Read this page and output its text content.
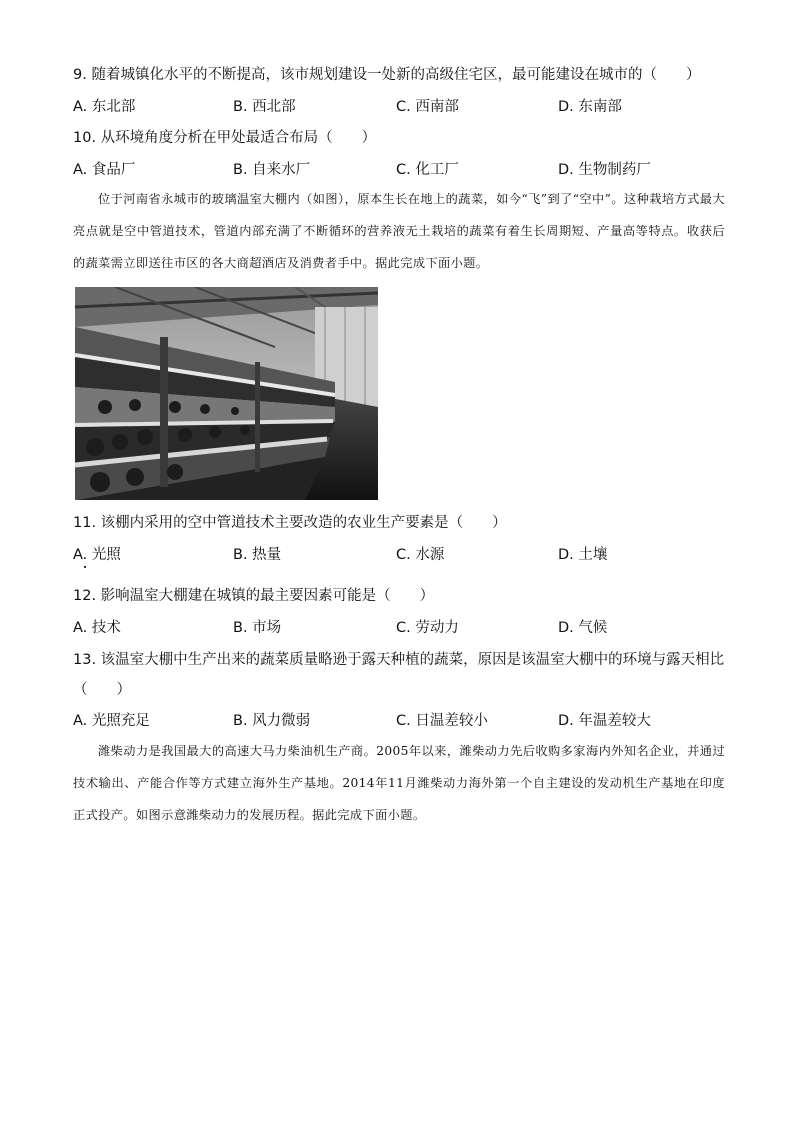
9. 随着城镇化水平的不断提高，该市规划建设一处新的高级住宅区，最可能建设在城市的（　　）
A. 东北部	B. 西北部	C. 西南部	D. 东南部
10. 从环境角度分析在甲处最适合布局（　　）
A. 食品厂	B. 自来水厂	C. 化工厂	D. 生物制药厂
位于河南省永城市的玻璃温室大棚内（如图），原本生长在地上的蔬菜，如今“飞”到了“空中”。这种栽培方式最大亮点就是空中管道技术，管道内部充满了不断循环的营养液无土栽培的蔬菜有着生长周期短、产量高等特点。收获后的蔬菜需立即送往市区的各大商超酒店及消费者手中。据此完成下面小题。
11. 该棚内采用的空中管道技术主要改造的农业生产要素是（　　）
A. 光照	B. 热量	C. 水源	D. 土壤
12. 影响温室大棚建在城镇的最主要因素可能是（　　）
A. 技术	B. 市场	C. 劳动力	D. 气候
13. 该温室大棚中生产出来的蔬菜质量略逊于露天种植的蔬菜，原因是该温室大棚中的环境与露天相比
（　　）
A. 光照充足	B. 风力微弱	C. 日温差较小	D. 年温差较大
潍柴动力是我国最大的高速大马力柴油机生产商。2005年以来，潍柴动力先后收购多家海内外知名企业，并通过技术输出、产能合作等方式建立海外生产基地。2014年11月潍柴动力海外第一个自主建设的发动机生产基地在印度正式投产。如图示意潍柴动力的发展历程。据此完成下面小题。
